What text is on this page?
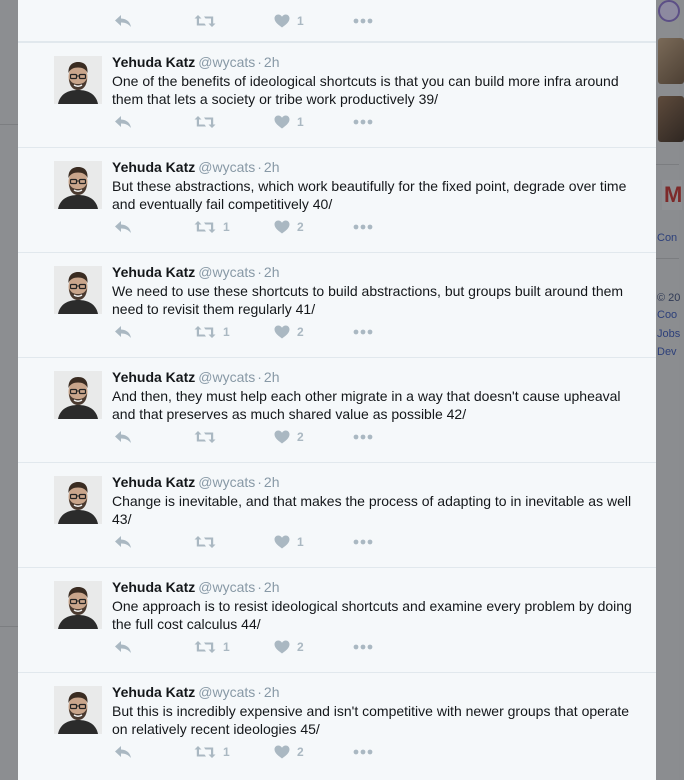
M
Con
© 20
Coo
Jobs
Dev
1
Yehuda Katz @wycats · 2h
One of the benefits of ideological shortcuts is that you can build more infra around them that lets a society or tribe work productively 39/
1
Yehuda Katz @wycats · 2h
But these abstractions, which work beautifully for the fixed point, degrade over time and eventually fail competitively 40/
1	2
Yehuda Katz @wycats · 2h
We need to use these shortcuts to build abstractions, but groups built around them need to revisit them regularly 41/
1	2
Yehuda Katz @wycats · 2h
And then, they must help each other migrate in a way that doesn't cause upheaval and that preserves as much shared value as possible 42/
2
Yehuda Katz @wycats · 2h
Change is inevitable, and that makes the process of adapting to in inevitable as well 43/
1
Yehuda Katz @wycats · 2h
One approach is to resist ideological shortcuts and examine every problem by doing the full cost calculus 44/
1	2
Yehuda Katz @wycats · 2h
But this is incredibly expensive and isn't competitive with newer groups that operate on relatively recent ideologies 45/
1	2
